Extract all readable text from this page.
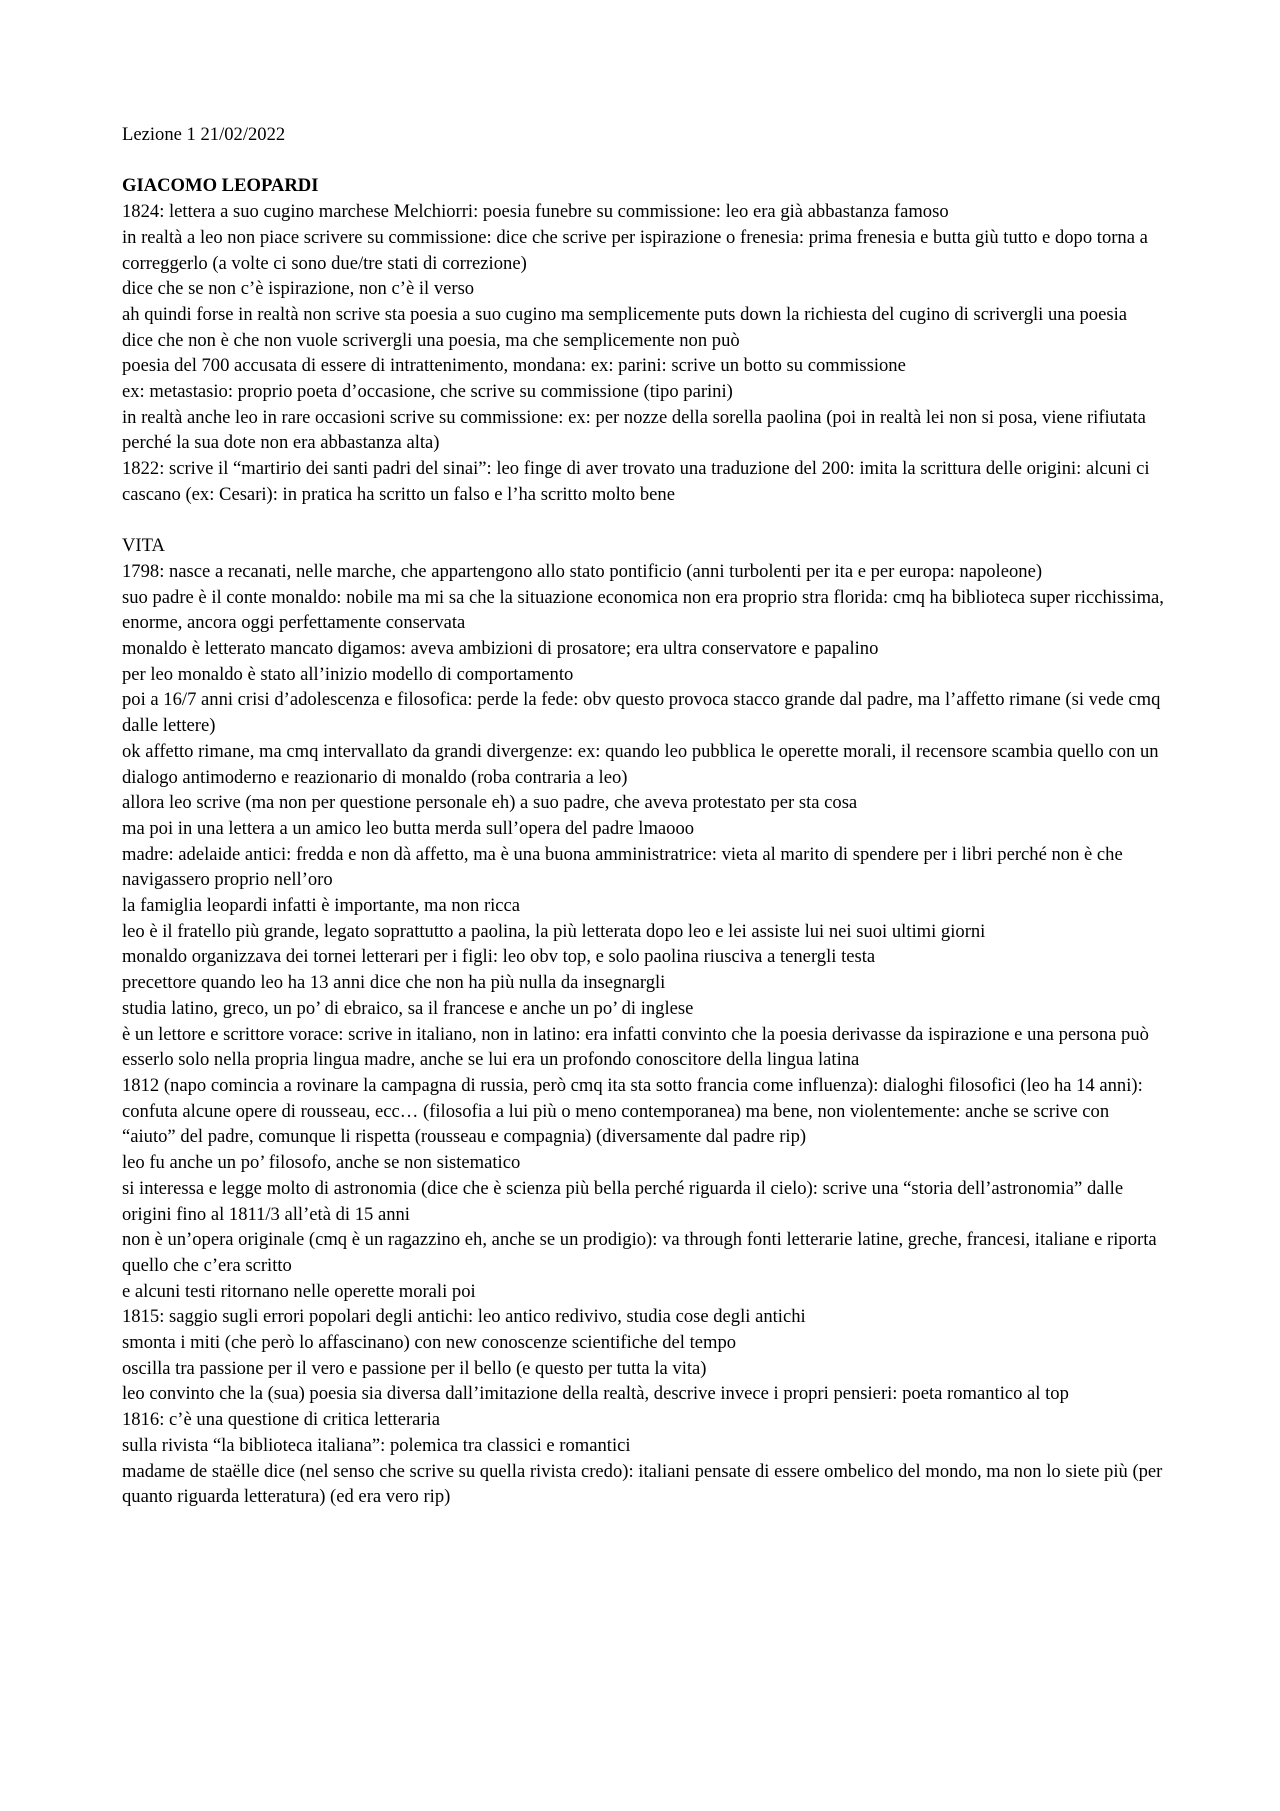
Lezione 1 21/02/2022
GIACOMO LEOPARDI
1824: lettera a suo cugino marchese Melchiorri: poesia funebre su commissione: leo era già abbastanza famoso
in realtà a leo non piace scrivere su commissione: dice che scrive per ispirazione o frenesia: prima frenesia e butta giù tutto e dopo torna a correggerlo (a volte ci sono due/tre stati di correzione)
dice che se non c’è ispirazione, non c’è il verso
ah quindi forse in realtà non scrive sta poesia a suo cugino ma semplicemente puts down la richiesta del cugino di scrivergli una poesia
dice che non è che non vuole scrivergli una poesia, ma che semplicemente non può
poesia del 700 accusata di essere di intrattenimento, mondana: ex: parini: scrive un botto su commissione
ex: metastasio: proprio poeta d’occasione, che scrive su commissione (tipo parini)
in realtà anche leo in rare occasioni scrive su commissione: ex: per nozze della sorella paolina (poi in realtà lei non si posa, viene rifiutata perché la sua dote non era abbastanza alta)
1822: scrive il “martirio dei santi padri del sinai”: leo finge di aver trovato una traduzione del 200: imita la scrittura delle origini: alcuni ci cascano (ex: Cesari): in pratica ha scritto un falso e l’ha scritto molto bene
VITA
1798: nasce a recanati, nelle marche, che appartengono allo stato pontificio (anni turbolenti per ita e per europa: napoleone)
suo padre è il conte monaldo: nobile ma mi sa che la situazione economica non era proprio stra florida: cmq ha biblioteca super ricchissima, enorme, ancora oggi perfettamente conservata
monaldo è letterato mancato digamos: aveva ambizioni di prosatore; era ultra conservatore e papalino
per leo monaldo è stato all’inizio modello di comportamento
poi a 16/7 anni crisi d’adolescenza e filosofica: perde la fede: obv questo provoca stacco grande dal padre, ma l’affetto rimane (si vede cmq dalle lettere)
ok affetto rimane, ma cmq intervallato da grandi divergenze: ex: quando leo pubblica le operette morali, il recensore scambia quello con un dialogo antimoderno e reazionario di monaldo (roba contraria a leo)
allora leo scrive (ma non per questione personale eh) a suo padre, che aveva protestato per sta cosa
ma poi in una lettera a un amico leo butta merda sull’opera del padre lmaooo
madre: adelaide antici: fredda e non dà affetto, ma è una buona amministratrice: vieta al marito di spendere per i libri perché non è che navigassero proprio nell’oro
la famiglia leopardi infatti è importante, ma non ricca
leo è il fratello più grande, legato soprattutto a paolina, la più letterata dopo leo e lei assiste lui nei suoi ultimi giorni
monaldo organizzava dei tornei letterari per i figli: leo obv top, e solo paolina riusciva a tenergli testa
precettore quando leo ha 13 anni dice che non ha più nulla da insegnargli
studia latino, greco, un po’ di ebraico, sa il francese e anche un po’ di inglese
è un lettore e scrittore vorace: scrive in italiano, non in latino: era infatti convinto che la poesia derivasse da ispirazione e una persona può esserlo solo nella propria lingua madre, anche se lui era un profondo conoscitore della lingua latina
1812 (napo comincia a rovinare la campagna di russia, però cmq ita sta sotto francia come influenza): dialoghi filosofici (leo ha 14 anni): confuta alcune opere di rousseau, ecc… (filosofia a lui più o meno contemporanea) ma bene, non violentemente: anche se scrive con “aiuto” del padre, comunque li rispetta (rousseau e compagnia) (diversamente dal padre rip)
leo fu anche un po’ filosofo, anche se non sistematico
si interessa e legge molto di astronomia (dice che è scienza più bella perché riguarda il cielo): scrive una “storia dell’astronomia” dalle origini fino al 1811/3 all’età di 15 anni
non è un’opera originale (cmq è un ragazzino eh, anche se un prodigio): va through fonti letterarie latine, greche, francesi, italiane e riporta quello che c’era scritto
e alcuni testi ritornano nelle operette morali poi
1815: saggio sugli errori popolari degli antichi: leo antico redivivo, studia cose degli antichi
smonta i miti (che però lo affascinano) con new conoscenze scientifiche del tempo
oscilla tra passione per il vero e passione per il bello (e questo per tutta la vita)
leo convinto che la (sua) poesia sia diversa dall’imitazione della realtà, descrive invece i propri pensieri: poeta romantico al top
1816: c’è una questione di critica letteraria
sulla rivista “la biblioteca italiana”: polemica tra classici e romantici
madame de staëlle dice (nel senso che scrive su quella rivista credo): italiani pensate di essere ombelico del mondo, ma non lo siete più (per quanto riguarda letteratura) (ed era vero rip)
